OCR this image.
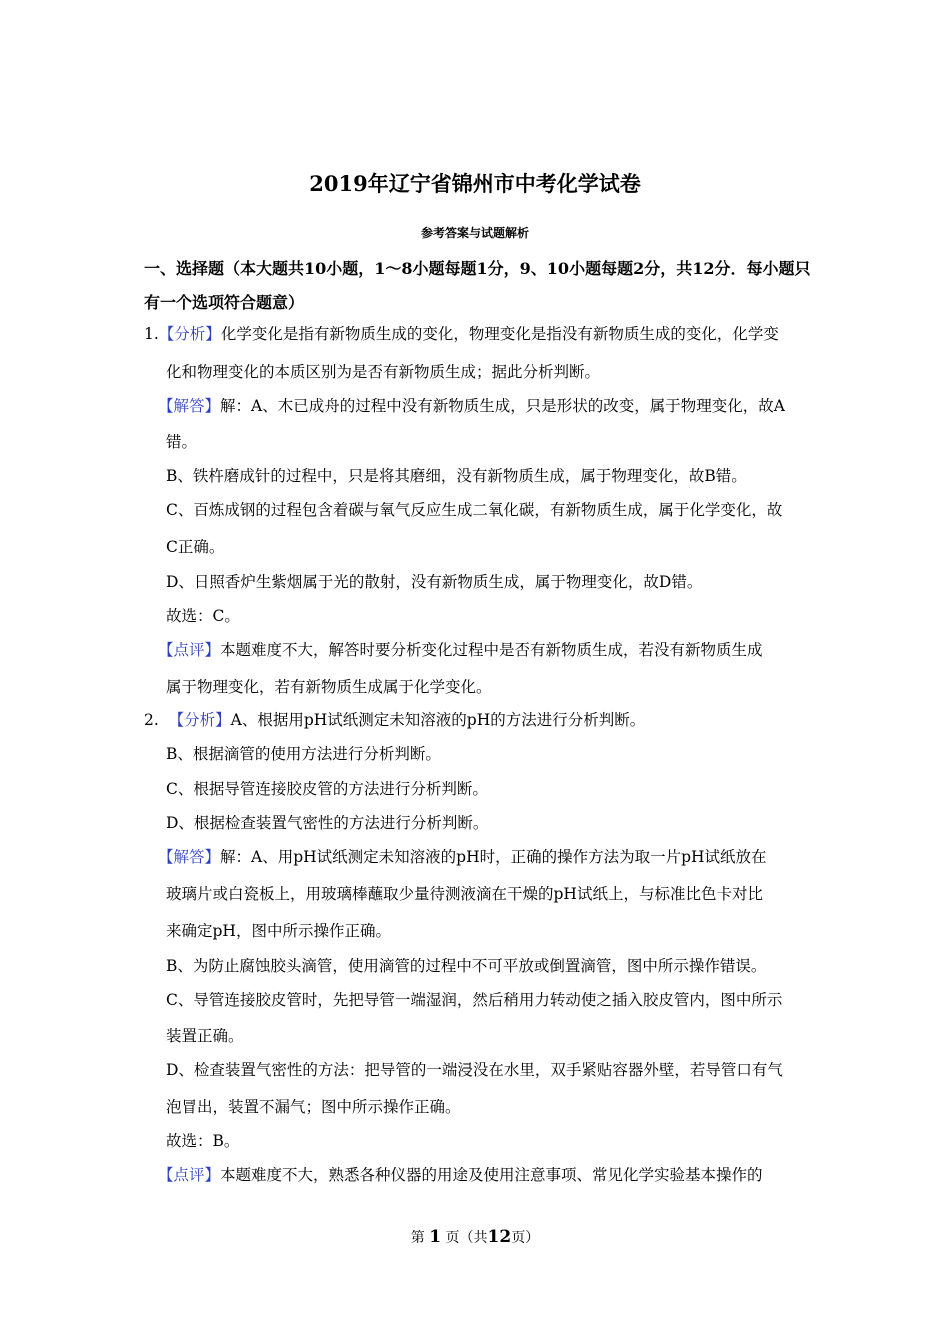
2019年辽宁省锦州市中考化学试卷
参考答案与试题解析
一、选择题（本大题共10小题，1～8小题每题1分，9、10小题每题2分，共12分．每小题只
有一个选项符合题意）
1.【分析】化学变化是指有新物质生成的变化，物理变化是指没有新物质生成的变化，化学变
化和物理变化的本质区别为是否有新物质生成；据此分析判断。
【解答】解：A、木已成舟的过程中没有新物质生成，只是形状的改变，属于物理变化，故A
错。
B、铁杵磨成针的过程中，只是将其磨细，没有新物质生成，属于物理变化，故B错。
C、百炼成钢的过程包含着碳与氧气反应生成二氧化碳，有新物质生成，属于化学变化，故
C正确。
D、日照香炉生紫烟属于光的散射，没有新物质生成，属于物理变化，故D错。
故选：C。
【点评】本题难度不大，解答时要分析变化过程中是否有新物质生成，若没有新物质生成
属于物理变化，若有新物质生成属于化学变化。
2. 【分析】A、根据用pH试纸测定未知溶液的pH的方法进行分析判断。
B、根据滴管的使用方法进行分析判断。
C、根据导管连接胶皮管的方法进行分析判断。
D、根据检查装置气密性的方法进行分析判断。
【解答】解：A、用pH试纸测定未知溶液的pH时，正确的操作方法为取一片pH试纸放在
玻璃片或白瓷板上，用玻璃棒蘸取少量待测液滴在干燥的pH试纸上，与标准比色卡对比
来确定pH，图中所示操作正确。
B、为防止腐蚀胶头滴管，使用滴管的过程中不可平放或倒置滴管，图中所示操作错误。
C、导管连接胶皮管时，先把导管一端湿润，然后稍用力转动使之插入胶皮管内，图中所示
装置正确。
D、检查装置气密性的方法：把导管的一端浸没在水里，双手紧贴容器外壁，若导管口有气
泡冒出，装置不漏气；图中所示操作正确。
故选：B。
【点评】本题难度不大，熟悉各种仪器的用途及使用注意事项、常见化学实验基本操作的
第 1 页（共12页）
